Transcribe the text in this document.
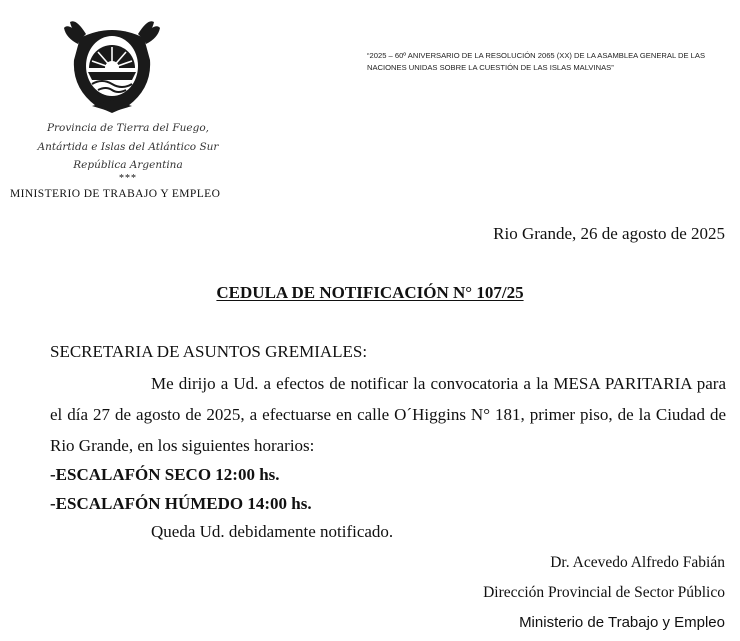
Provincia de Tierra del Fuego,
Antártida e Islas del Atlántico Sur
República Argentina
***
MINISTERIO DE TRABAJO Y EMPLEO
“2025 – 60º ANIVERSARIO DE LA RESOLUCIÓN 2065 (XX) DE LA ASAMBLEA GENERAL DE LAS
NACIONES UNIDAS SOBRE LA CUESTIÓN DE LAS ISLAS MALVINAS”
Rio Grande, 26 de agosto de 2025
CEDULA DE NOTIFICACIÓN N° 107/25
SECRETARIA DE ASUNTOS GREMIALES:
Me dirijo a Ud. a efectos de notificar la convocatoria a la MESA PARITARIA para
el día 27 de agosto de 2025, a efectuarse en calle O´Higgins N° 181, primer piso, de la Ciudad de
Rio Grande, en los siguientes horarios:
-ESCALAFÓN SECO 12:00 hs.
-ESCALAFÓN HÚMEDO 14:00 hs.
Queda Ud. debidamente notificado.
Dr. Acevedo Alfredo Fabián
Dirección Provincial de Sector Público
Ministerio de Trabajo y Empleo
